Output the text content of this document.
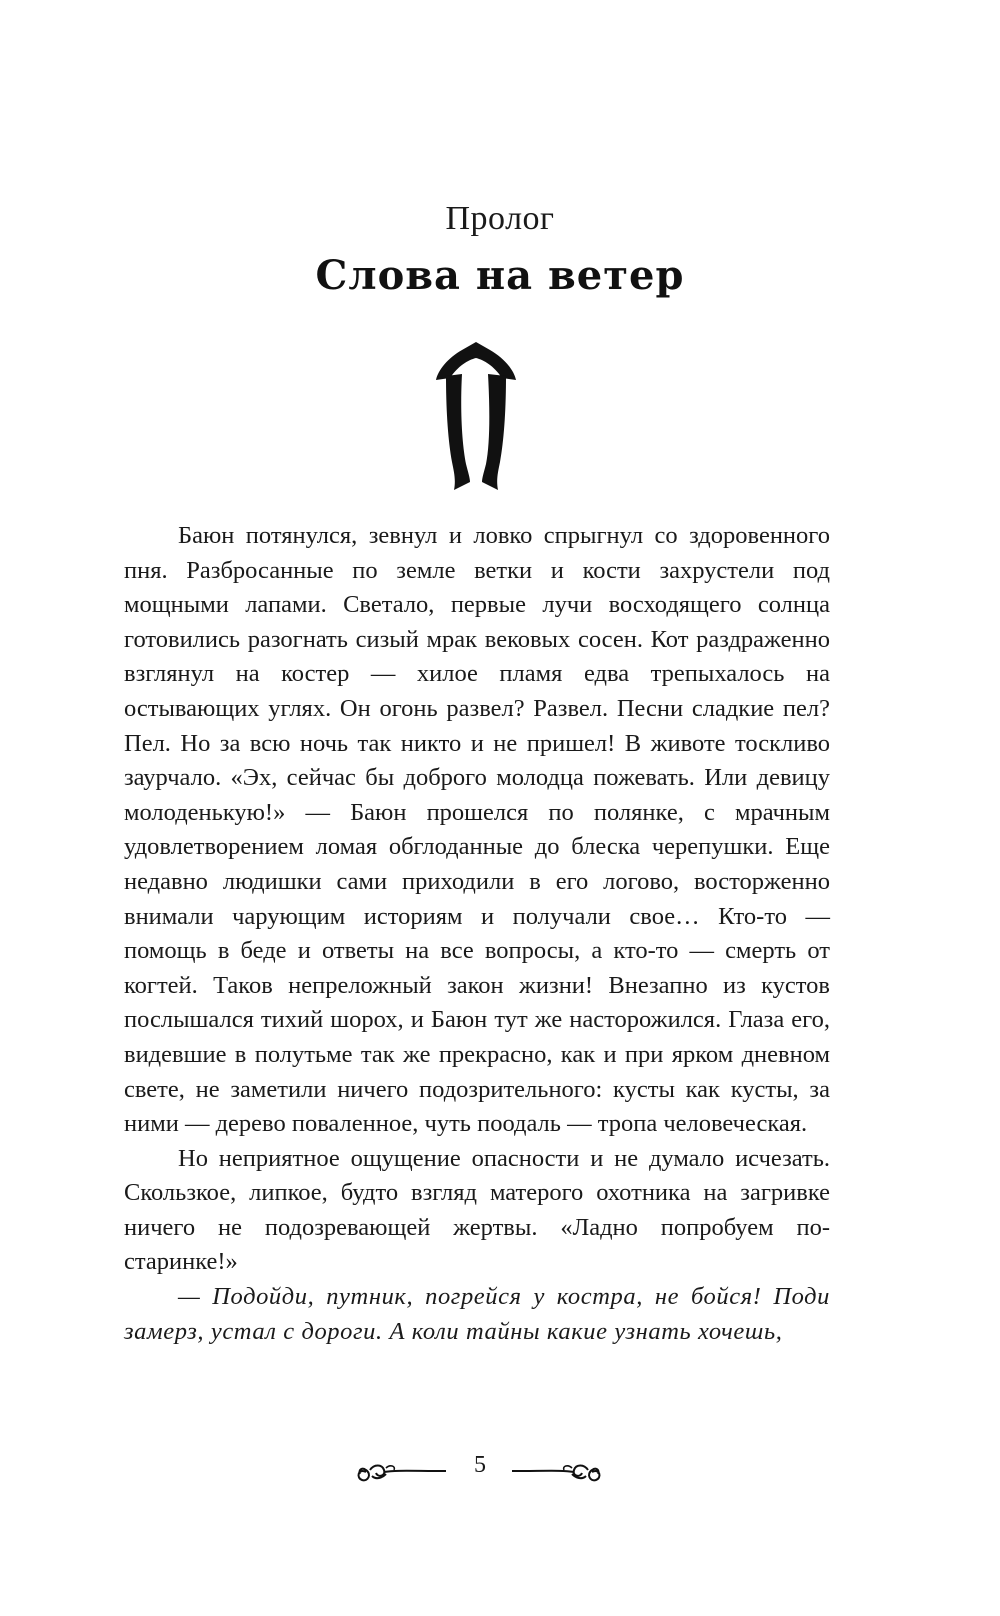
Пролог
Слова на ветер

Баюн потянулся, зевнул и ловко спрыгнул со здоровенного пня. Разбросанные по земле ветки и кости захрустели под мощными лапами. Светало, первые лучи восходящего солнца готовились разогнать сизый мрак вековых сосен. Кот раздраженно взглянул на костер — хилое пламя едва трепыхалось на остывающих углях. Он огонь развел? Развел. Песни сладкие пел? Пел. Но за всю ночь так никто и не пришел! В животе тоскливо заурчало. «Эх, сейчас бы доброго молодца пожевать. Или девицу молоденькую!» — Баюн прошелся по полянке, с мрачным удовлетворением ломая обглоданные до блеска черепушки. Еще недавно людишки сами приходили в его логово, восторженно внимали чарующим историям и получали свое… Кто-то — помощь в беде и ответы на все вопросы, а кто-то — смерть от когтей. Таков непреложный закон жизни! Внезапно из кустов послышался тихий шорох, и Баюн тут же насторожился. Глаза его, видевшие в полутьме так же прекрасно, как и при ярком дневном свете, не заметили ничего подозрительного: кусты как кусты, за ними — дерево поваленное, чуть поодаль — тропа человеческая.

Но неприятное ощущение опасности и не думало исчезать. Скользкое, липкое, будто взгляд матерого охотника на загривке ничего не подозревающей жертвы. «Ладно попробуем по-старинке!»

— Подойди, путник, погрейся у костра, не бойся! Поди замерз, устал с дороги. А коли тайны какие узнать хочешь,

5
